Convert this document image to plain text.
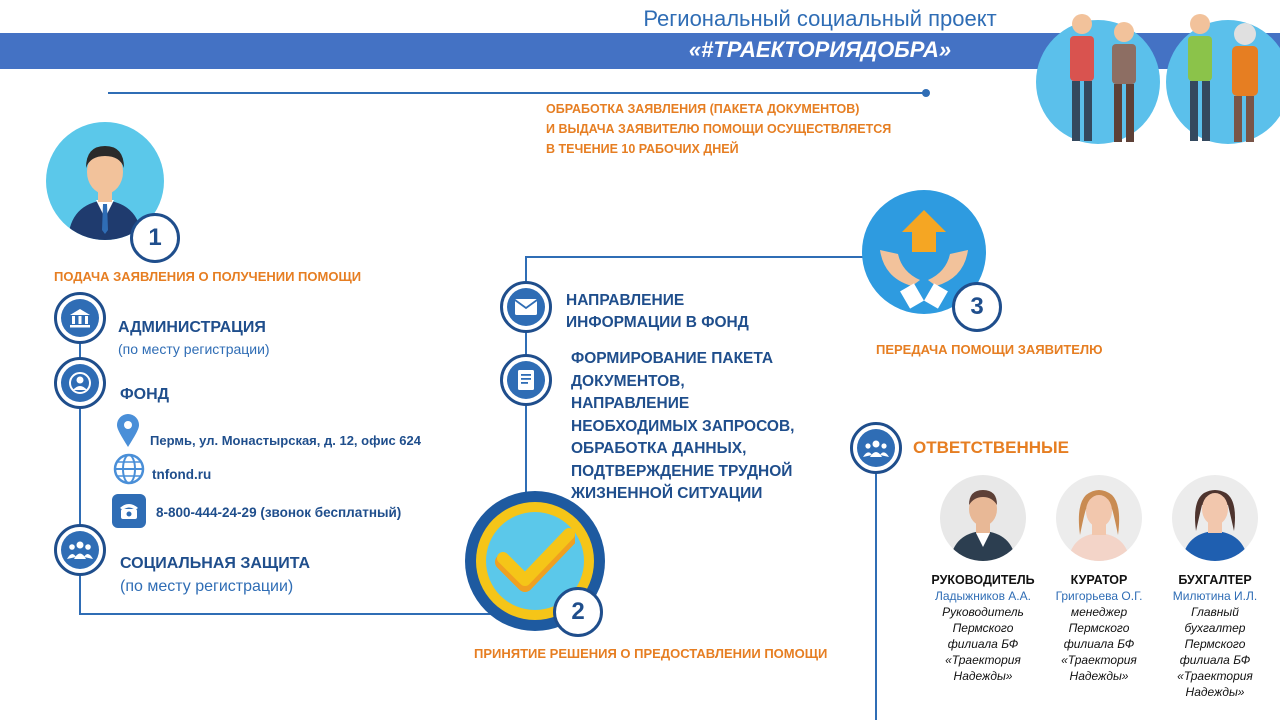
Региональный социальный проект
«#ТРАЕКТОРИЯДОБРА»
ОБРАБОТКА ЗАЯВЛЕНИЯ (ПАКЕТА ДОКУМЕНТОВ)
И ВЫДАЧА ЗАЯВИТЕЛЮ ПОМОЩИ ОСУЩЕСТВЛЯЕТСЯ
В ТЕЧЕНИЕ 10 РАБОЧИХ ДНЕЙ
1
ПОДАЧА ЗАЯВЛЕНИЯ О ПОЛУЧЕНИИ ПОМОЩИ
АДМИНИСТРАЦИЯ
(по месту регистрации)
ФОНД
Пермь, ул. Монастырская, д. 12, офис 624
tnfond.ru
8-800-444-24-29 (звонок бесплатный)
СОЦИАЛЬНАЯ ЗАЩИТА
(по месту регистрации)
НАПРАВЛЕНИЕ
ИНФОРМАЦИИ В ФОНД
ФОРМИРОВАНИЕ ПАКЕТА
ДОКУМЕНТОВ,
НАПРАВЛЕНИЕ
НЕОБХОДИМЫХ ЗАПРОСОВ,
ОБРАБОТКА ДАННЫХ,
ПОДТВЕРЖДЕНИЕ ТРУДНОЙ
ЖИЗНЕННОЙ СИТУАЦИИ
2
ПРИНЯТИЕ РЕШЕНИЯ О ПРЕДОСТАВЛЕНИИ ПОМОЩИ
3
ПЕРЕДАЧА ПОМОЩИ ЗАЯВИТЕЛЮ
ОТВЕТСТВЕННЫЕ
РУКОВОДИТЕЛЬ
Ладыжников А.А.
Руководитель
Пермского
филиала БФ
«Траектория
Надежды»
КУРАТОР
Григорьева О.Г.
менеджер
Пермского
филиала БФ
«Траектория
Надежды»
БУХГАЛТЕР
Милютина И.Л.
Главный
бухгалтер
Пермского
филиала БФ
«Траектория
Надежды»
